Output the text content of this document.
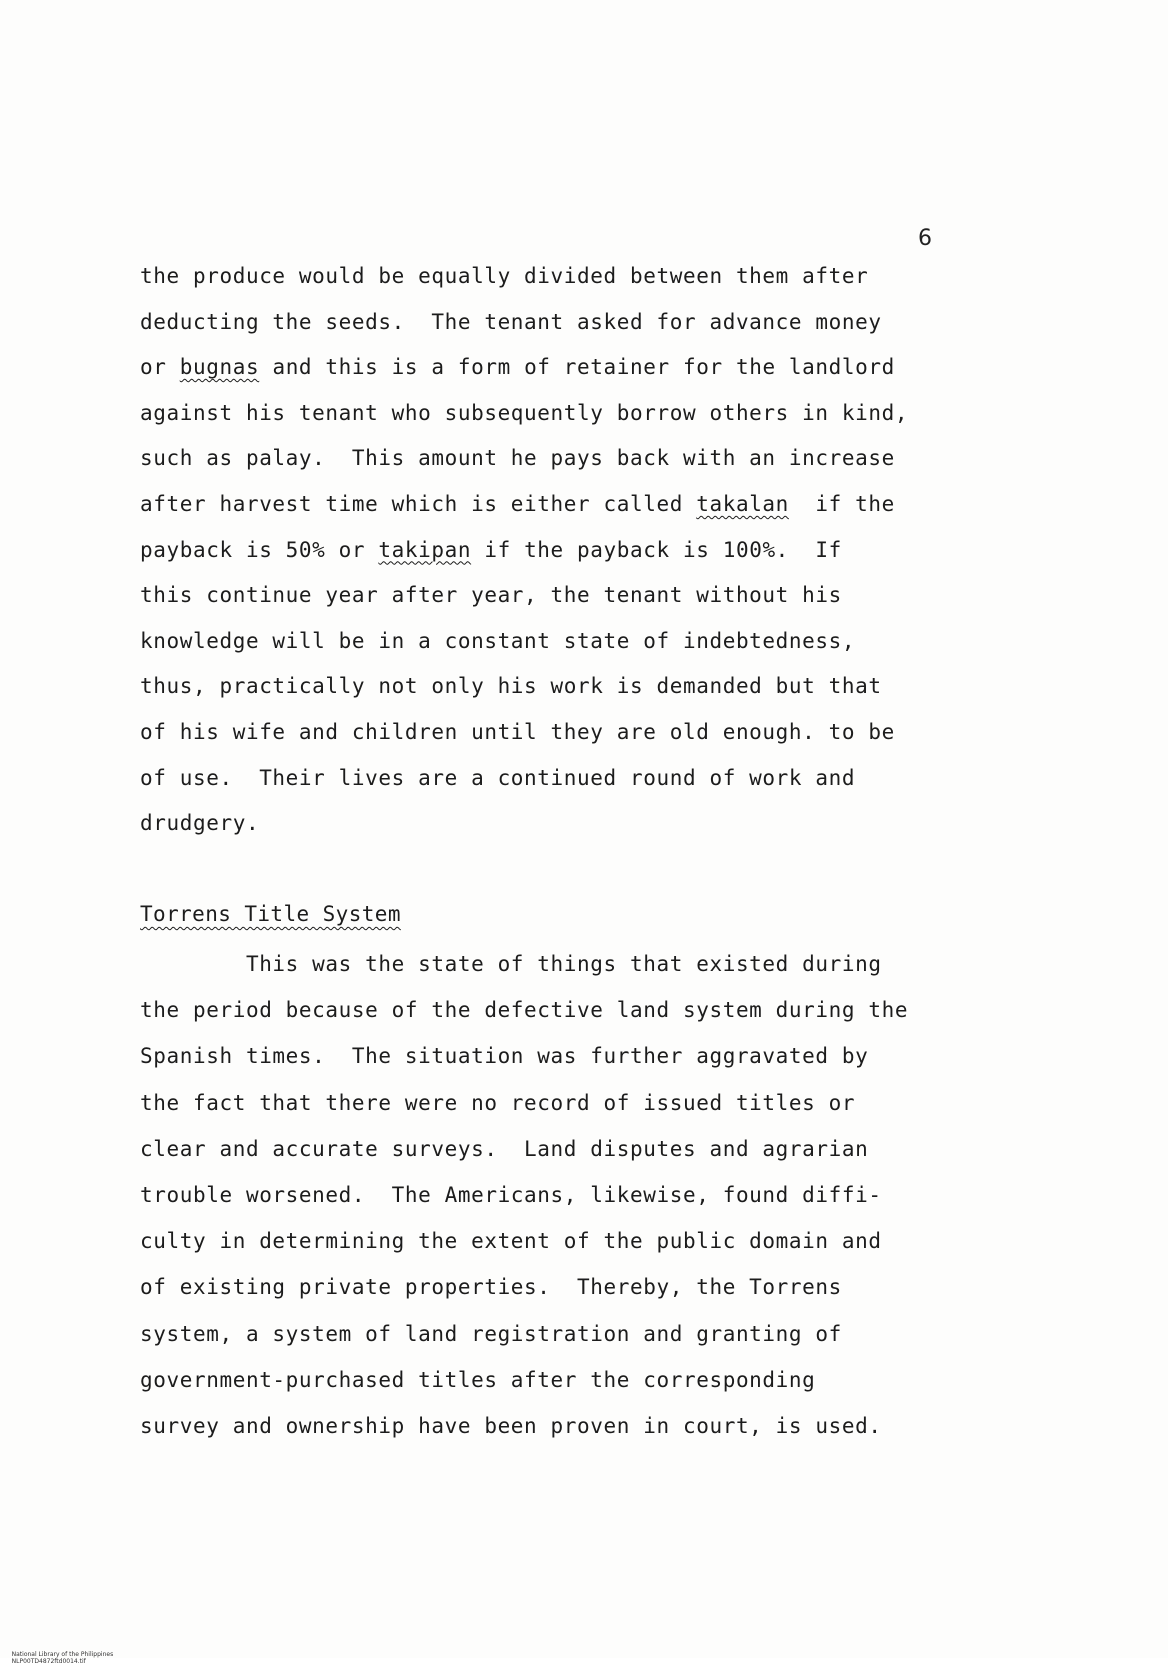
6
the produce would be equally divided between them after
deducting the seeds.  The tenant asked for advance money
or bugnas and this is a form of retainer for the landlord
against his tenant who subsequently borrow others in kind,
such as palay.  This amount he pays back with an increase
after harvest time which is either called takalan  if the
payback is 50% or takipan if the payback is 100%.  If
this continue year after year, the tenant without his
knowledge will be in a constant state of indebtedness,
thus, practically not only his work is demanded but that
of his wife and children until they are old enough. to be
of use.  Their lives are a continued round of work and
drudgery.
Torrens Title System
This was the state of things that existed during
the period because of the defective land system during the
Spanish times.  The situation was further aggravated by
the fact that there were no record of issued titles or
clear and accurate surveys.  Land disputes and agrarian
trouble worsened.  The Americans, likewise, found diffi-
culty in determining the extent of the public domain and
of existing private properties.  Thereby, the Torrens
system, a system of land registration and granting of
government-purchased titles after the corresponding
survey and ownership have been proven in court, is used.

National Library of the Philippines
NLP00TD4872ftd0014.tif
